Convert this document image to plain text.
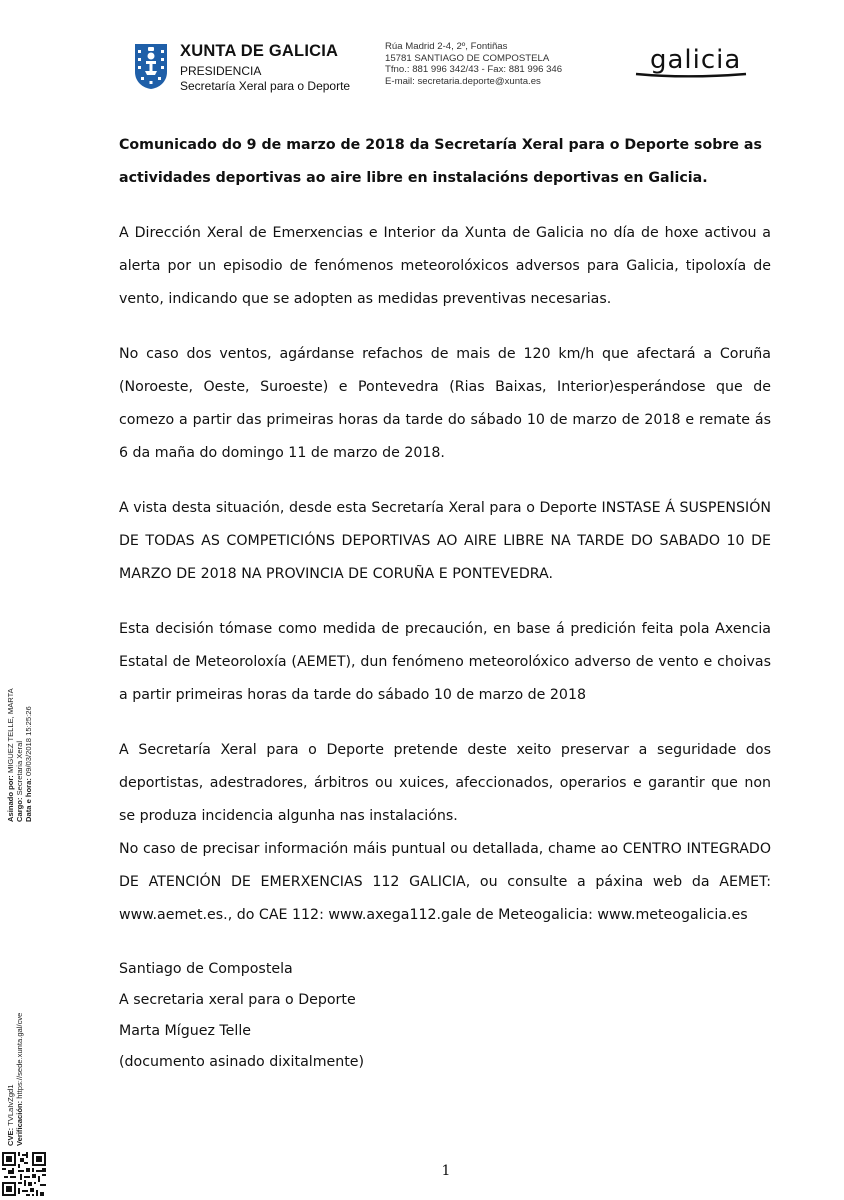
XUNTA DE GALICIA
PRESIDENCIA
Secretaría Xeral para o Deporte
Rúa Madrid 2-4, 2º, Fontiñas
15781 SANTIAGO DE COMPOSTELA
Tfno.: 881 996 342/43 - Fax: 881 996 346
E-mail: secretaria.deporte@xunta.es
galicia

Comunicado do 9 de marzo de 2018 da Secretaría Xeral para o Deporte sobre as actividades deportivas ao aire libre en instalacións deportivas en Galicia.

A Dirección Xeral de Emerxencias e Interior da Xunta de Galicia no día de hoxe activou a alerta por un episodio de fenómenos meteorolóxicos adversos para Galicia, tipoloxía de vento, indicando que se adopten as medidas preventivas necesarias.

No caso dos ventos, agárdanse refachos de mais de 120 km/h que afectará a Coruña (Noroeste, Oeste, Suroeste) e Pontevedra (Rias Baixas, Interior)esperándose que de comezo a partir das primeiras horas da tarde do sábado 10 de marzo de 2018 e remate ás 6 da maña do domingo 11 de marzo de 2018.

A vista desta situación, desde esta Secretaría Xeral para o Deporte INSTASE Á SUSPENSIÓN DE TODAS AS COMPETICIÓNS DEPORTIVAS AO AIRE LIBRE NA TARDE DO SABADO 10 DE MARZO DE 2018 NA PROVINCIA DE CORUÑA E PONTEVEDRA.

Esta decisión tómase como medida de precaución, en base á predición feita pola Axencia Estatal de Meteoroloxía (AEMET), dun fenómeno meteorolóxico adverso de vento e choivas a partir primeiras horas da tarde do sábado 10 de marzo de 2018

A Secretaría Xeral para o Deporte pretende deste xeito preservar a seguridade dos deportistas, adestradores, árbitros ou xuices, afeccionados, operarios e garantir que non se produza incidencia algunha nas instalacións.

No caso de precisar información máis puntual ou detallada, chame ao CENTRO INTEGRADO DE ATENCIÓN DE EMERXENCIAS 112 GALICIA, ou consulte a páxina web da AEMET: www.aemet.es., do CAE 112: www.axega112.gale de Meteogalicia: www.meteogalicia.es

Santiago de Compostela

A secretaria xeral para o Deporte

Marta Míguez Telle

(documento asinado dixitalmente)

Asinado por: MIGUEZ TELLE, MARTA
Cargo: Secretaria Xeral
Data e hora: 09/03/2018 15:25:26
CVE: TVLaIvZgd1 Verificación: https://sede.xunta.gal/cve
1
